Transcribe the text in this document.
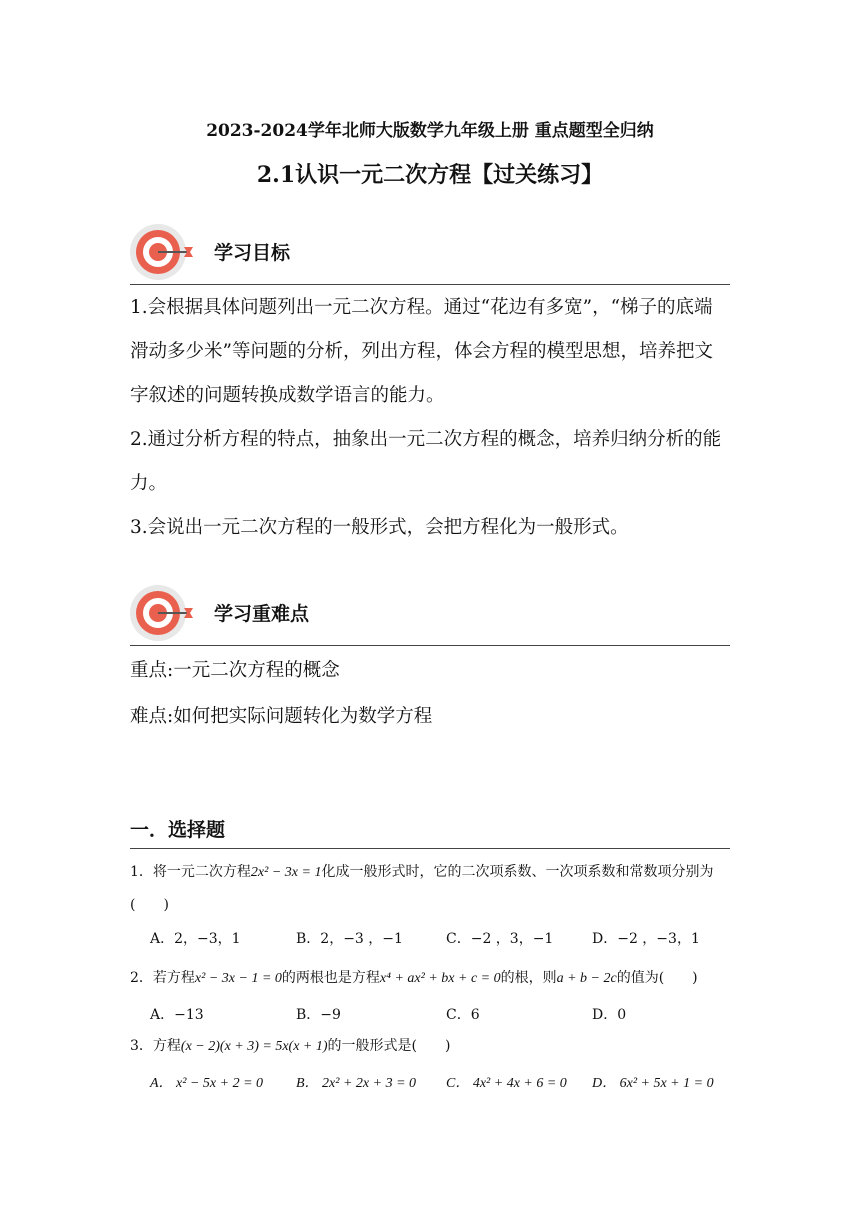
2023-2024学年北师大版数学九年级上册 重点题型全归纳
2.1认识一元二次方程【过关练习】
学习目标

1.会根据具体问题列出一元二次方程。通过“花边有多宽”，“梯子的底端滑动多少米”等问题的分析，列出方程，体会方程的模型思想，培养把文字叙述的问题转换成数学语言的能力。

2.通过分析方程的特点，抽象出一元二次方程的概念，培养归纳分析的能力。

3.会说出一元二次方程的一般形式，会把方程化为一般形式。

学习重难点
重点:一元二次方程的概念
难点:如何把实际问题转化为数学方程
一．选择题

1．将一元二次方程2x² − 3x = 1化成一般形式时，它的二次项系数、一次项系数和常数项分别为(　　)

A．2，−3，1	B．2，−3 ，−1	C．−2 ，3，−1	D．−2 ，−3，1

2．若方程x² − 3x − 1 = 0的两根也是方程x⁴ + ax² + bx + c = 0的根，则a + b − 2c的值为(　　)

A．−13	B．−9	C．6	D．0

3．方程(x − 2)(x + 3) = 5x(x + 1)的一般形式是(　　)

A． x² − 5x + 2 = 0 B． 2x² + 2x + 3 = 0 C． 4x² + 4x + 6 = 0 D． 6x² + 5x + 1 = 0
